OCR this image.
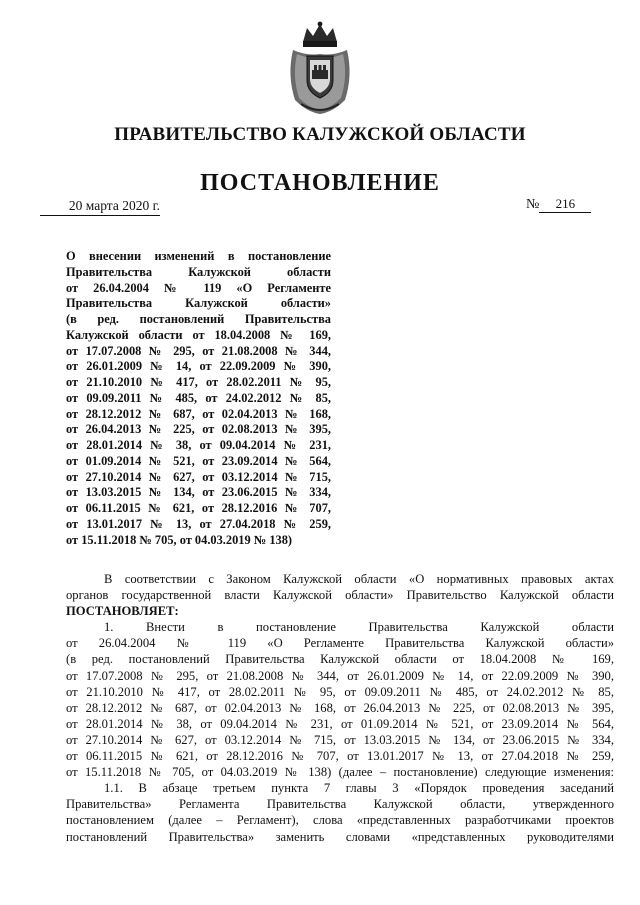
ПРАВИТЕЛЬСТВО КАЛУЖСКОЙ ОБЛАСТИ
ПОСТАНОВЛЕНИЕ
20 марта 2020 г.	№ 216
О внесении изменений в постановление
Правительства Калужской области
от 26.04.2004 № 119 «О Регламенте
Правительства Калужской области»
(в ред. постановлений Правительства
Калужской области от 18.04.2008 № 169,
от 17.07.2008 № 295, от 21.08.2008 № 344,
от 26.01.2009 № 14, от 22.09.2009 № 390,
от 21.10.2010 № 417, от 28.02.2011 № 95,
от 09.09.2011 № 485, от 24.02.2012 № 85,
от 28.12.2012 № 687, от 02.04.2013 № 168,
от 26.04.2013 № 225, от 02.08.2013 № 395,
от 28.01.2014 № 38, от 09.04.2014 № 231,
от 01.09.2014 № 521, от 23.09.2014 № 564,
от 27.10.2014 № 627, от 03.12.2014 № 715,
от 13.03.2015 № 134, от 23.06.2015 № 334,
от 06.11.2015 № 621, от 28.12.2016 № 707,
от 13.01.2017 № 13, от 27.04.2018 № 259,
от 15.11.2018 № 705, от 04.03.2019 № 138)
В соответствии с Законом Калужской области «О нормативных правовых актах
органов государственной власти Калужской области» Правительство Калужской области
ПОСТАНОВЛЯЕТ:
1. Внести в постановление Правительства Калужской области
от 26.04.2004 № 119 «О Регламенте Правительства Калужской области»
(в ред. постановлений Правительства Калужской области от 18.04.2008 № 169,
от 17.07.2008 № 295, от 21.08.2008 № 344, от 26.01.2009 № 14, от 22.09.2009 № 390,
от 21.10.2010 № 417, от 28.02.2011 № 95, от 09.09.2011 № 485, от 24.02.2012 № 85,
от 28.12.2012 № 687, от 02.04.2013 № 168, от 26.04.2013 № 225, от 02.08.2013 № 395,
от 28.01.2014 № 38, от 09.04.2014 № 231, от 01.09.2014 № 521, от 23.09.2014 № 564,
от 27.10.2014 № 627, от 03.12.2014 № 715, от 13.03.2015 № 134, от 23.06.2015 № 334,
от 06.11.2015 № 621, от 28.12.2016 № 707, от 13.01.2017 № 13, от 27.04.2018 № 259,
от 15.11.2018 № 705, от 04.03.2019 № 138) (далее – постановление) следующие изменения:
1.1. В абзаце третьем пункта 7 главы 3 «Порядок проведения заседаний
Правительства» Регламента Правительства Калужской области, утвержденного
постановлением (далее – Регламент), слова «представленных разработчиками проектов
постановлений Правительства» заменить словами «представленных руководителями
